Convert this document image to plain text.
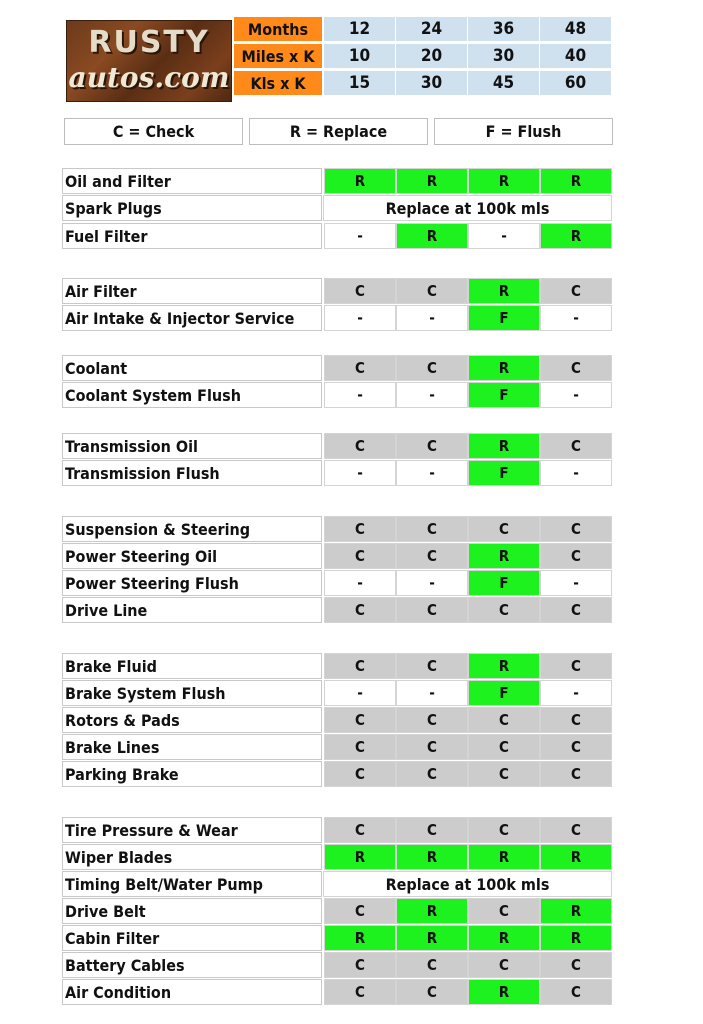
RUSTY
autos.com
Months	12	24	36	48
Miles x K	10	20	30	40
Kls x K	15	30	45	60
C = Check	R = Replace	F = Flush
Oil and Filter	R	R	R	R
Spark Plugs	Replace at 100k mls
Fuel Filter	-	R	-	R
Air Filter	C	C	R	C
Air Intake & Injector Service	-	-	F	-
Coolant	C	C	R	C
Coolant System Flush	-	-	F	-
Transmission Oil	C	C	R	C
Transmission Flush	-	-	F	-
Suspension & Steering	C	C	C	C
Power Steering Oil	C	C	R	C
Power Steering Flush	-	-	F	-
Drive Line	C	C	C	C
Brake Fluid	C	C	R	C
Brake System Flush	-	-	F	-
Rotors & Pads	C	C	C	C
Brake Lines	C	C	C	C
Parking Brake	C	C	C	C
Tire Pressure & Wear	C	C	C	C
Wiper Blades	R	R	R	R
Timing Belt/Water Pump	Replace at 100k mls
Drive Belt	C	R	C	R
Cabin Filter	R	R	R	R
Battery Cables	C	C	C	C
Air Condition	C	C	R	C
